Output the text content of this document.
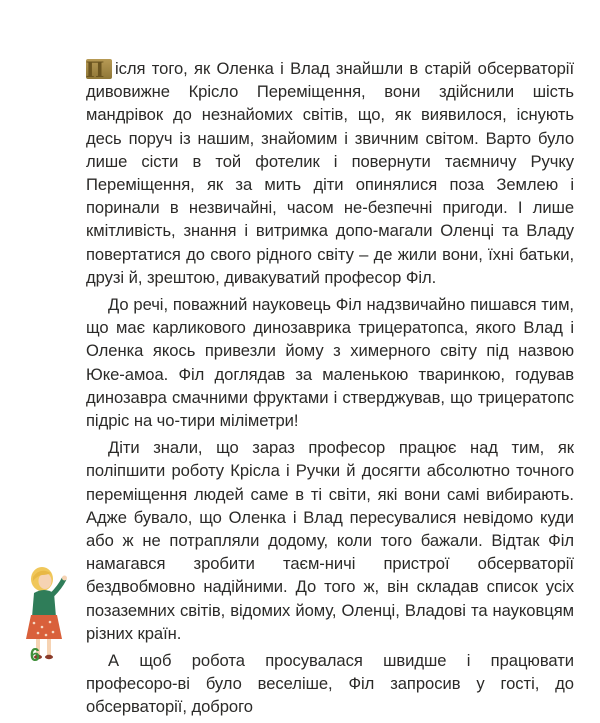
П ісля того, як Оленка і Влад знайшли в старій обсерваторії дивовижне Крісло Переміщення, вони здійснили шість мандрівок до незнайомих світів, що, як виявилося, існують десь поруч із нашим, знайомим і звичним світом. Варто було лише сісти в той фотелик і повернути таємничу Ручку Переміщення, як за мить діти опинялися поза Землею і поринали в незвичайні, часом не-безпечні пригоди. І лише кмітливість, знання і витримка допо-магали Оленці та Владу повертатися до свого рідного світу – де жили вони, їхні батьки, друзі й, зрештою, дивакуватий професор Філ.

До речі, поважний науковець Філ надзвичайно пишався тим, що має карликового динозаврика трицератопса, якого Влад і Оленка якось привезли йому з химерного світу під назвою Юке-амоа. Філ доглядав за маленькою тваринкою, годував динозавра смачними фруктами і стверджував, що трицератопс підріс на чо-тири міліметри!

Діти знали, що зараз професор працює над тим, як поліпшити роботу Крісла і Ручки й досягти абсолютно точного переміщення людей саме в ті світи, які вони самі вибирають. Адже бувало, що Оленка і Влад пересувалися невідомо куди або ж не потрапляли додому, коли того бажали. Відтак Філ намагався зробити таєм-ничі пристрої обсерваторії бездвобмовно надійними. До того ж, він складав список усіх позаземних світів, відомих йому, Оленці, Владові та науковцям різних країн.

А щоб робота просувалася швидше і працювати професоро-ві було веселіше, Філ запросив у гості, до обсерваторії, доброго

6
